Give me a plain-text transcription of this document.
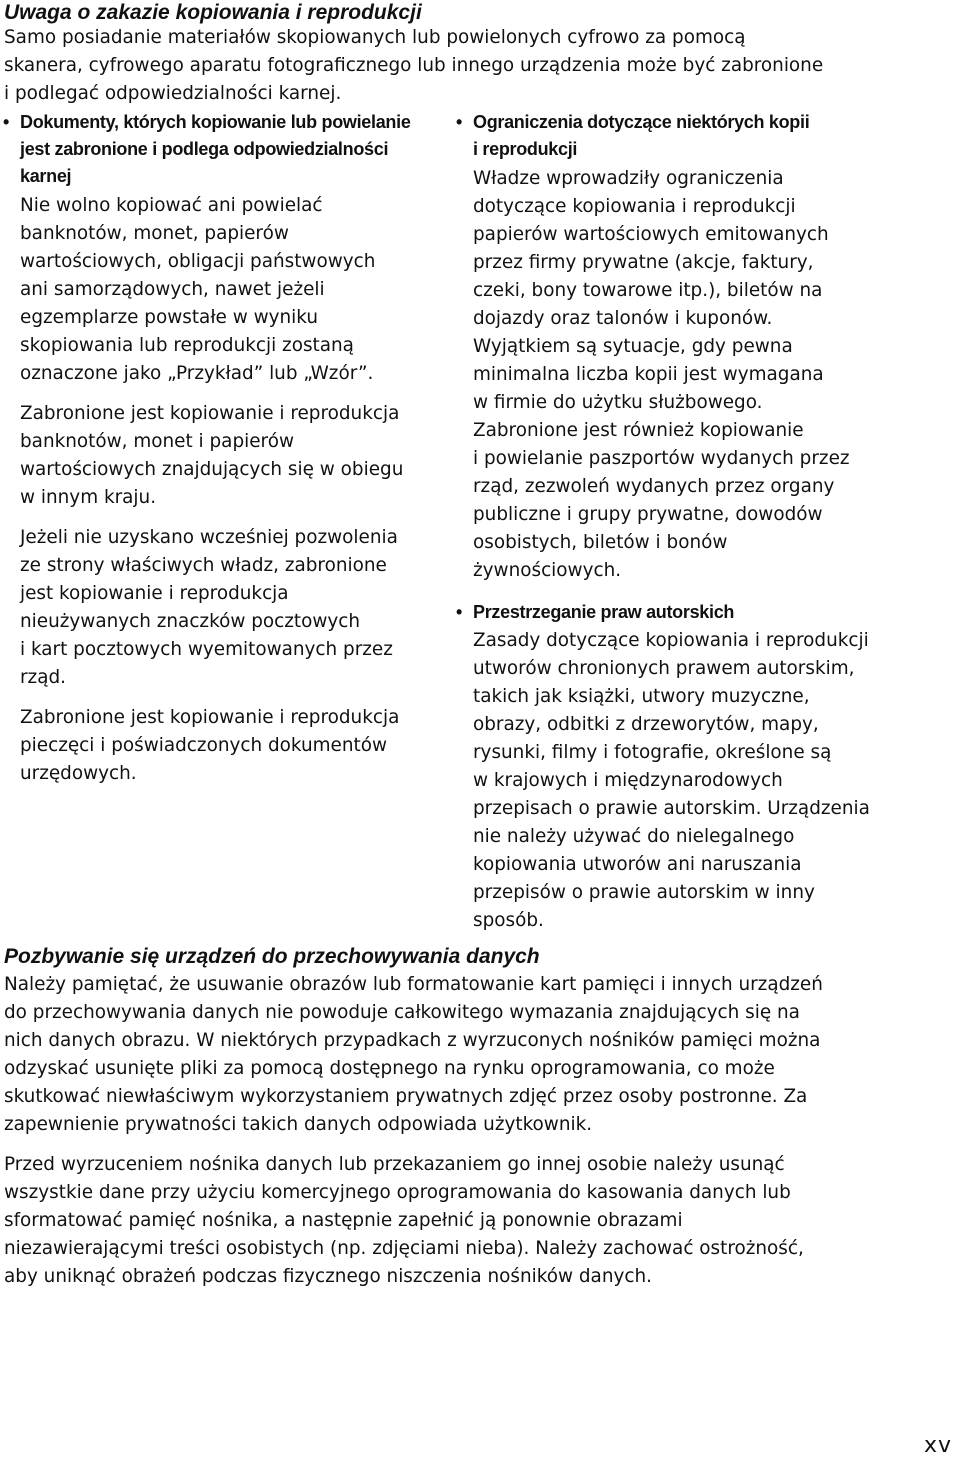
Uwaga o zakazie kopiowania i reprodukcji
Samo posiadanie materiałów skopiowanych lub powielonych cyfrowo za pomocą
skanera, cyfrowego aparatu fotograficznego lub innego urządzenia może być zabronione
i podlegać odpowiedzialności karnej.
• Dokumenty, których kopiowanie lub powielanie
jest zabronione i podlega odpowiedzialności
karnej
Nie wolno kopiować ani powielać
banknotów, monet, papierów
wartościowych, obligacji państwowych
ani samorządowych, nawet jeżeli
egzemplarze powstałe w wyniku
skopiowania lub reprodukcji zostaną
oznaczone jako „Przykład” lub „Wzór”.
Zabronione jest kopiowanie i reprodukcja
banknotów, monet i papierów
wartościowych znajdujących się w obiegu
w innym kraju.
Jeżeli nie uzyskano wcześniej pozwolenia
ze strony właściwych władz, zabronione
jest kopiowanie i reprodukcja
nieużywanych znaczków pocztowych
i kart pocztowych wyemitowanych przez
rząd.
Zabronione jest kopiowanie i reprodukcja
pieczęci i poświadczonych dokumentów
urzędowych.
• Ograniczenia dotyczące niektórych kopii
i reprodukcji
Władze wprowadziły ograniczenia
dotyczące kopiowania i reprodukcji
papierów wartościowych emitowanych
przez firmy prywatne (akcje, faktury,
czeki, bony towarowe itp.), biletów na
dojazdy oraz talonów i kuponów.
Wyjątkiem są sytuacje, gdy pewna
minimalna liczba kopii jest wymagana
w firmie do użytku służbowego.
Zabronione jest również kopiowanie
i powielanie paszportów wydanych przez
rząd, zezwoleń wydanych przez organy
publiczne i grupy prywatne, dowodów
osobistych, biletów i bonów
żywnościowych.
• Przestrzeganie praw autorskich
Zasady dotyczące kopiowania i reprodukcji
utworów chronionych prawem autorskim,
takich jak książki, utwory muzyczne,
obrazy, odbitki z drzeworytów, mapy,
rysunki, filmy i fotografie, określone są
w krajowych i międzynarodowych
przepisach o prawie autorskim. Urządzenia
nie należy używać do nielegalnego
kopiowania utworów ani naruszania
przepisów o prawie autorskim w inny
sposób.
Pozbywanie się urządzeń do przechowywania danych
Należy pamiętać, że usuwanie obrazów lub formatowanie kart pamięci i innych urządzeń
do przechowywania danych nie powoduje całkowitego wymazania znajdujących się na
nich danych obrazu. W niektórych przypadkach z wyrzuconych nośników pamięci można
odzyskać usunięte pliki za pomocą dostępnego na rynku oprogramowania, co może
skutkować niewłaściwym wykorzystaniem prywatnych zdjęć przez osoby postronne. Za
zapewnienie prywatności takich danych odpowiada użytkownik.
Przed wyrzuceniem nośnika danych lub przekazaniem go innej osobie należy usunąć
wszystkie dane przy użyciu komercyjnego oprogramowania do kasowania danych lub
sformatować pamięć nośnika, a następnie zapełnić ją ponownie obrazami
niezawierającymi treści osobistych (np. zdjęciami nieba). Należy zachować ostrożność,
aby uniknąć obrażeń podczas fizycznego niszczenia nośników danych.
xv
